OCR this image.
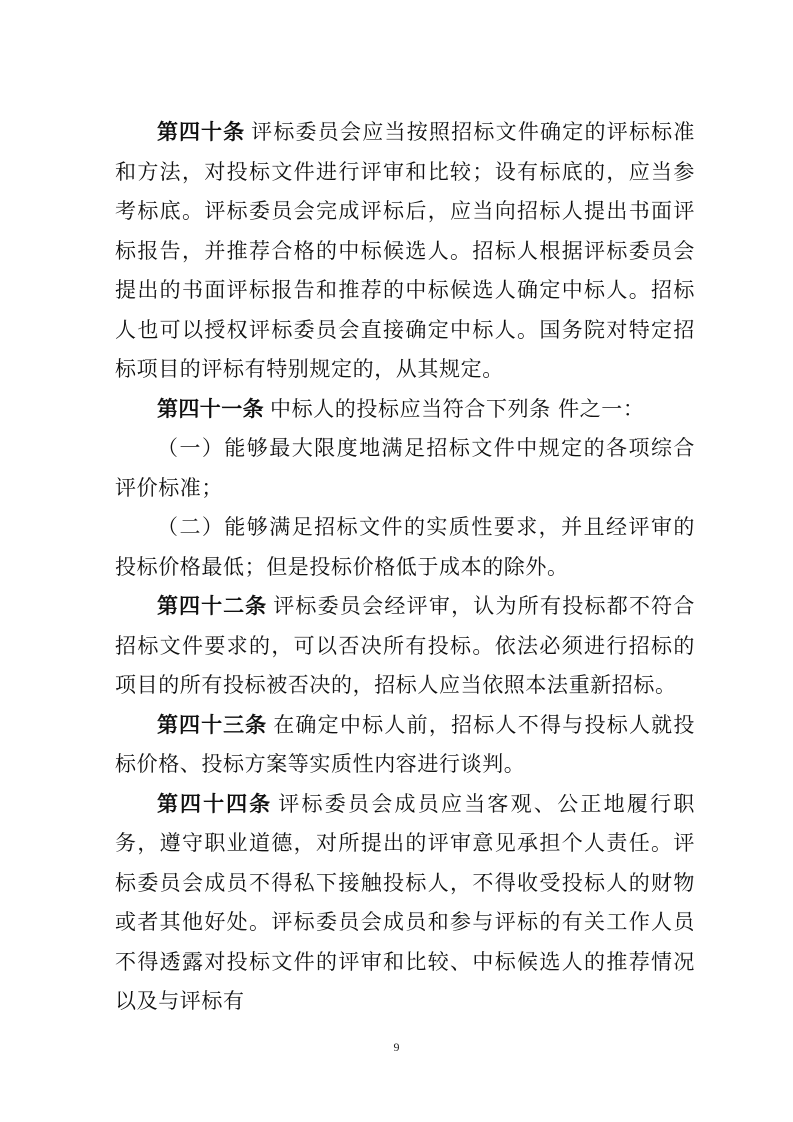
第四十条 评标委员会应当按照招标文件确定的评标标准和方法，对投标文件进行评审和比较；设有标底的，应当参考标底。评标委员会完成评标后，应当向招标人提出书面评标报告，并推荐合格的中标候选人。招标人根据评标委员会提出的书面评标报告和推荐的中标候选人确定中标人。招标人也可以授权评标委员会直接确定中标人。国务院对特定招标项目的评标有特别规定的，从其规定。

第四十一条 中标人的投标应当符合下列条 件之一：

（一）能够最大限度地满足招标文件中规定的各项综合评价标准；

（二）能够满足招标文件的实质性要求，并且经评审的投标价格最低；但是投标价格低于成本的除外。

第四十二条 评标委员会经评审，认为所有投标都不符合招标文件要求的，可以否决所有投标。依法必须进行招标的项目的所有投标被否决的，招标人应当依照本法重新招标。

第四十三条 在确定中标人前，招标人不得与投标人就投标价格、投标方案等实质性内容进行谈判。

第四十四条 评标委员会成员应当客观、公正地履行职务，遵守职业道德，对所提出的评审意见承担个人责任。评标委员会成员不得私下接触投标人，不得收受投标人的财物或者其他好处。评标委员会成员和参与评标的有关工作人员不得透露对投标文件的评审和比较、中标候选人的推荐情况以及与评标有

9
